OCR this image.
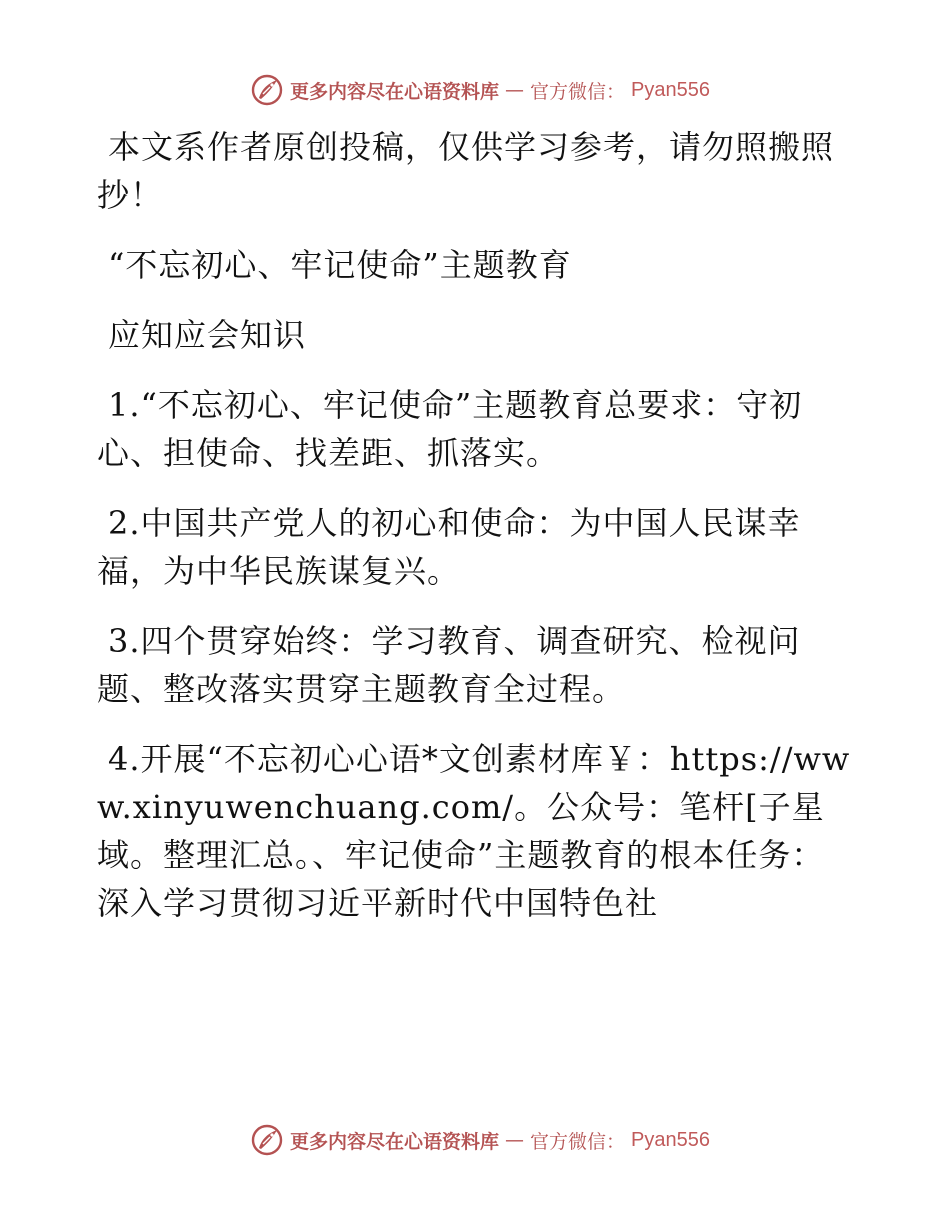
更多内容尽在心语资料库 — 官方微信： Pyan556

本文系作者原创投稿，仅供学习参考，请勿照搬照抄！

“不忘初心、牢记使命”主题教育

应知应会知识

1.“不忘初心、牢记使命”主题教育总要求：守初心、担使命、找差距、抓落实。

2.中国共产党人的初心和使命：为中国人民谋幸福，为中华民族谋复兴。

3.四个贯穿始终：学习教育、调查研究、检视问题、整改落实贯穿主题教育全过程。

4.开展“不忘初心心语*文创素材库￥：https://www.xinyuwenchuang.com/。公众号：笔杆[子星域。整理汇总。、牢记使命”主题教育的根本任务：深入学习贯彻习近平新时代中国特色社

更多内容尽在心语资料库 — 官方微信： Pyan556
